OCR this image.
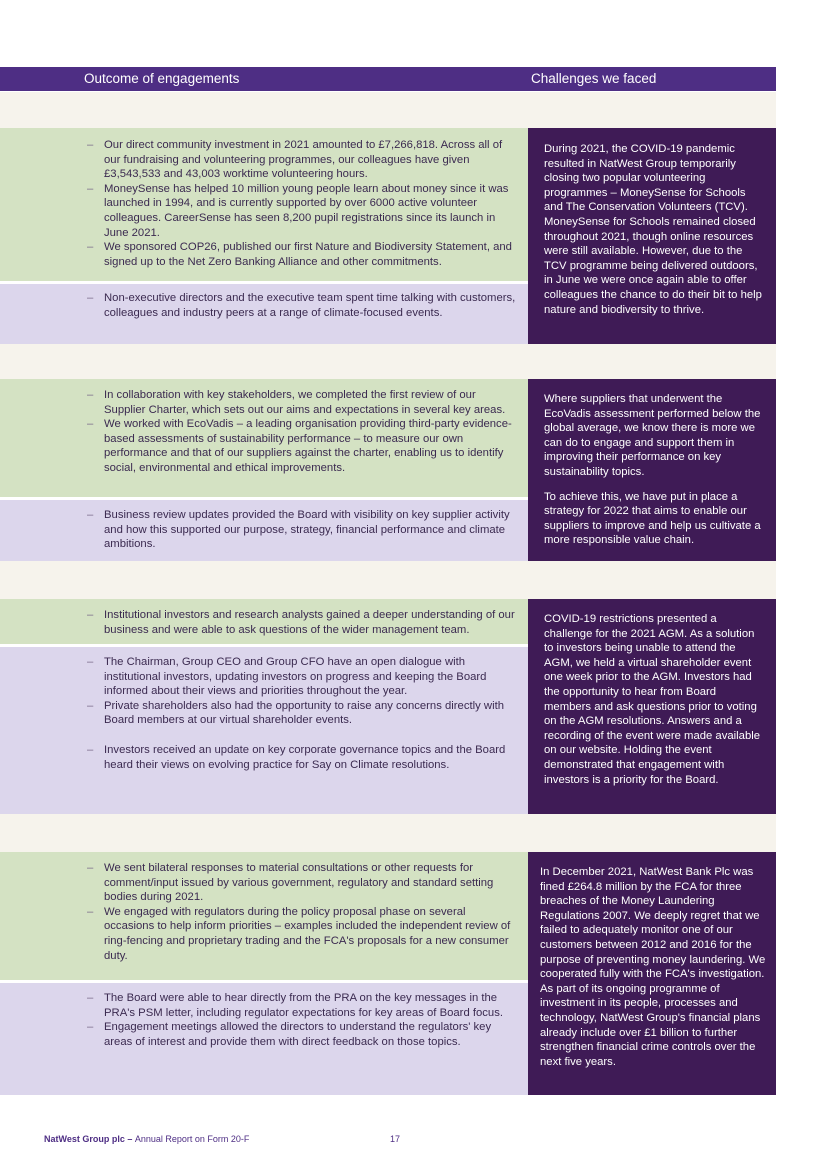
Outcome of engagements	Challenges we faced
– Our direct community investment in 2021 amounted to £7,266,818. Across all of our fundraising and volunteering programmes, our colleagues have given £3,543,533 and 43,003 worktime volunteering hours.
– MoneySense has helped 10 million young people learn about money since it was launched in 1994, and is currently supported by over 6000 active volunteer colleagues. CareerSense has seen 8,200 pupil registrations since its launch in June 2021.
– We sponsored COP26, published our first Nature and Biodiversity Statement, and signed up to the Net Zero Banking Alliance and other commitments.
– Non-executive directors and the executive team spent time talking with customers, colleagues and industry peers at a range of climate-focused events.

During 2021, the COVID-19 pandemic resulted in NatWest Group temporarily closing two popular volunteering programmes – MoneySense for Schools and The Conservation Volunteers (TCV). MoneySense for Schools remained closed throughout 2021, though online resources were still available. However, due to the TCV programme being delivered outdoors, in June we were once again able to offer colleagues the chance to do their bit to help nature and biodiversity to thrive.

– In collaboration with key stakeholders, we completed the first review of our Supplier Charter, which sets out our aims and expectations in several key areas.
– We worked with EcoVadis – a leading organisation providing third-party evidence-based assessments of sustainability performance – to measure our own performance and that of our suppliers against the charter, enabling us to identify social, environmental and ethical improvements.
– Business review updates provided the Board with visibility on key supplier activity and how this supported our purpose, strategy, financial performance and climate ambitions.

Where suppliers that underwent the EcoVadis assessment performed below the global average, we know there is more we can do to engage and support them in improving their performance on key sustainability topics.

To achieve this, we have put in place a strategy for 2022 that aims to enable our suppliers to improve and help us cultivate a more responsible value chain.

– Institutional investors and research analysts gained a deeper understanding of our business and were able to ask questions of the wider management team.
– The Chairman, Group CEO and Group CFO have an open dialogue with institutional investors, updating investors on progress and keeping the Board informed about their views and priorities throughout the year.
– Private shareholders also had the opportunity to raise any concerns directly with Board members at our virtual shareholder events.
– Investors received an update on key corporate governance topics and the Board heard their views on evolving practice for Say on Climate resolutions.

COVID-19 restrictions presented a challenge for the 2021 AGM. As a solution to investors being unable to attend the AGM, we held a virtual shareholder event one week prior to the AGM. Investors had the opportunity to hear from Board members and ask questions prior to voting on the AGM resolutions. Answers and a recording of the event were made available on our website. Holding the event demonstrated that engagement with investors is a priority for the Board.

– We sent bilateral responses to material consultations or other requests for comment/input issued by various government, regulatory and standard setting bodies during 2021.
– We engaged with regulators during the policy proposal phase on several occasions to help inform priorities – examples included the independent review of ring-fencing and proprietary trading and the FCA's proposals for a new consumer duty.
– The Board were able to hear directly from the PRA on the key messages in the PRA's PSM letter, including regulator expectations for key areas of Board focus.
– Engagement meetings allowed the directors to understand the regulators' key areas of interest and provide them with direct feedback on those topics.

In December 2021, NatWest Bank Plc was fined £264.8 million by the FCA for three breaches of the Money Laundering Regulations 2007. We deeply regret that we failed to adequately monitor one of our customers between 2012 and 2016 for the purpose of preventing money laundering. We cooperated fully with the FCA's investigation. As part of its ongoing programme of investment in its people, processes and technology, NatWest Group's financial plans already include over £1 billion to further strengthen financial crime controls over the next five years.

NatWest Group plc – Annual Report on Form 20-F	17
